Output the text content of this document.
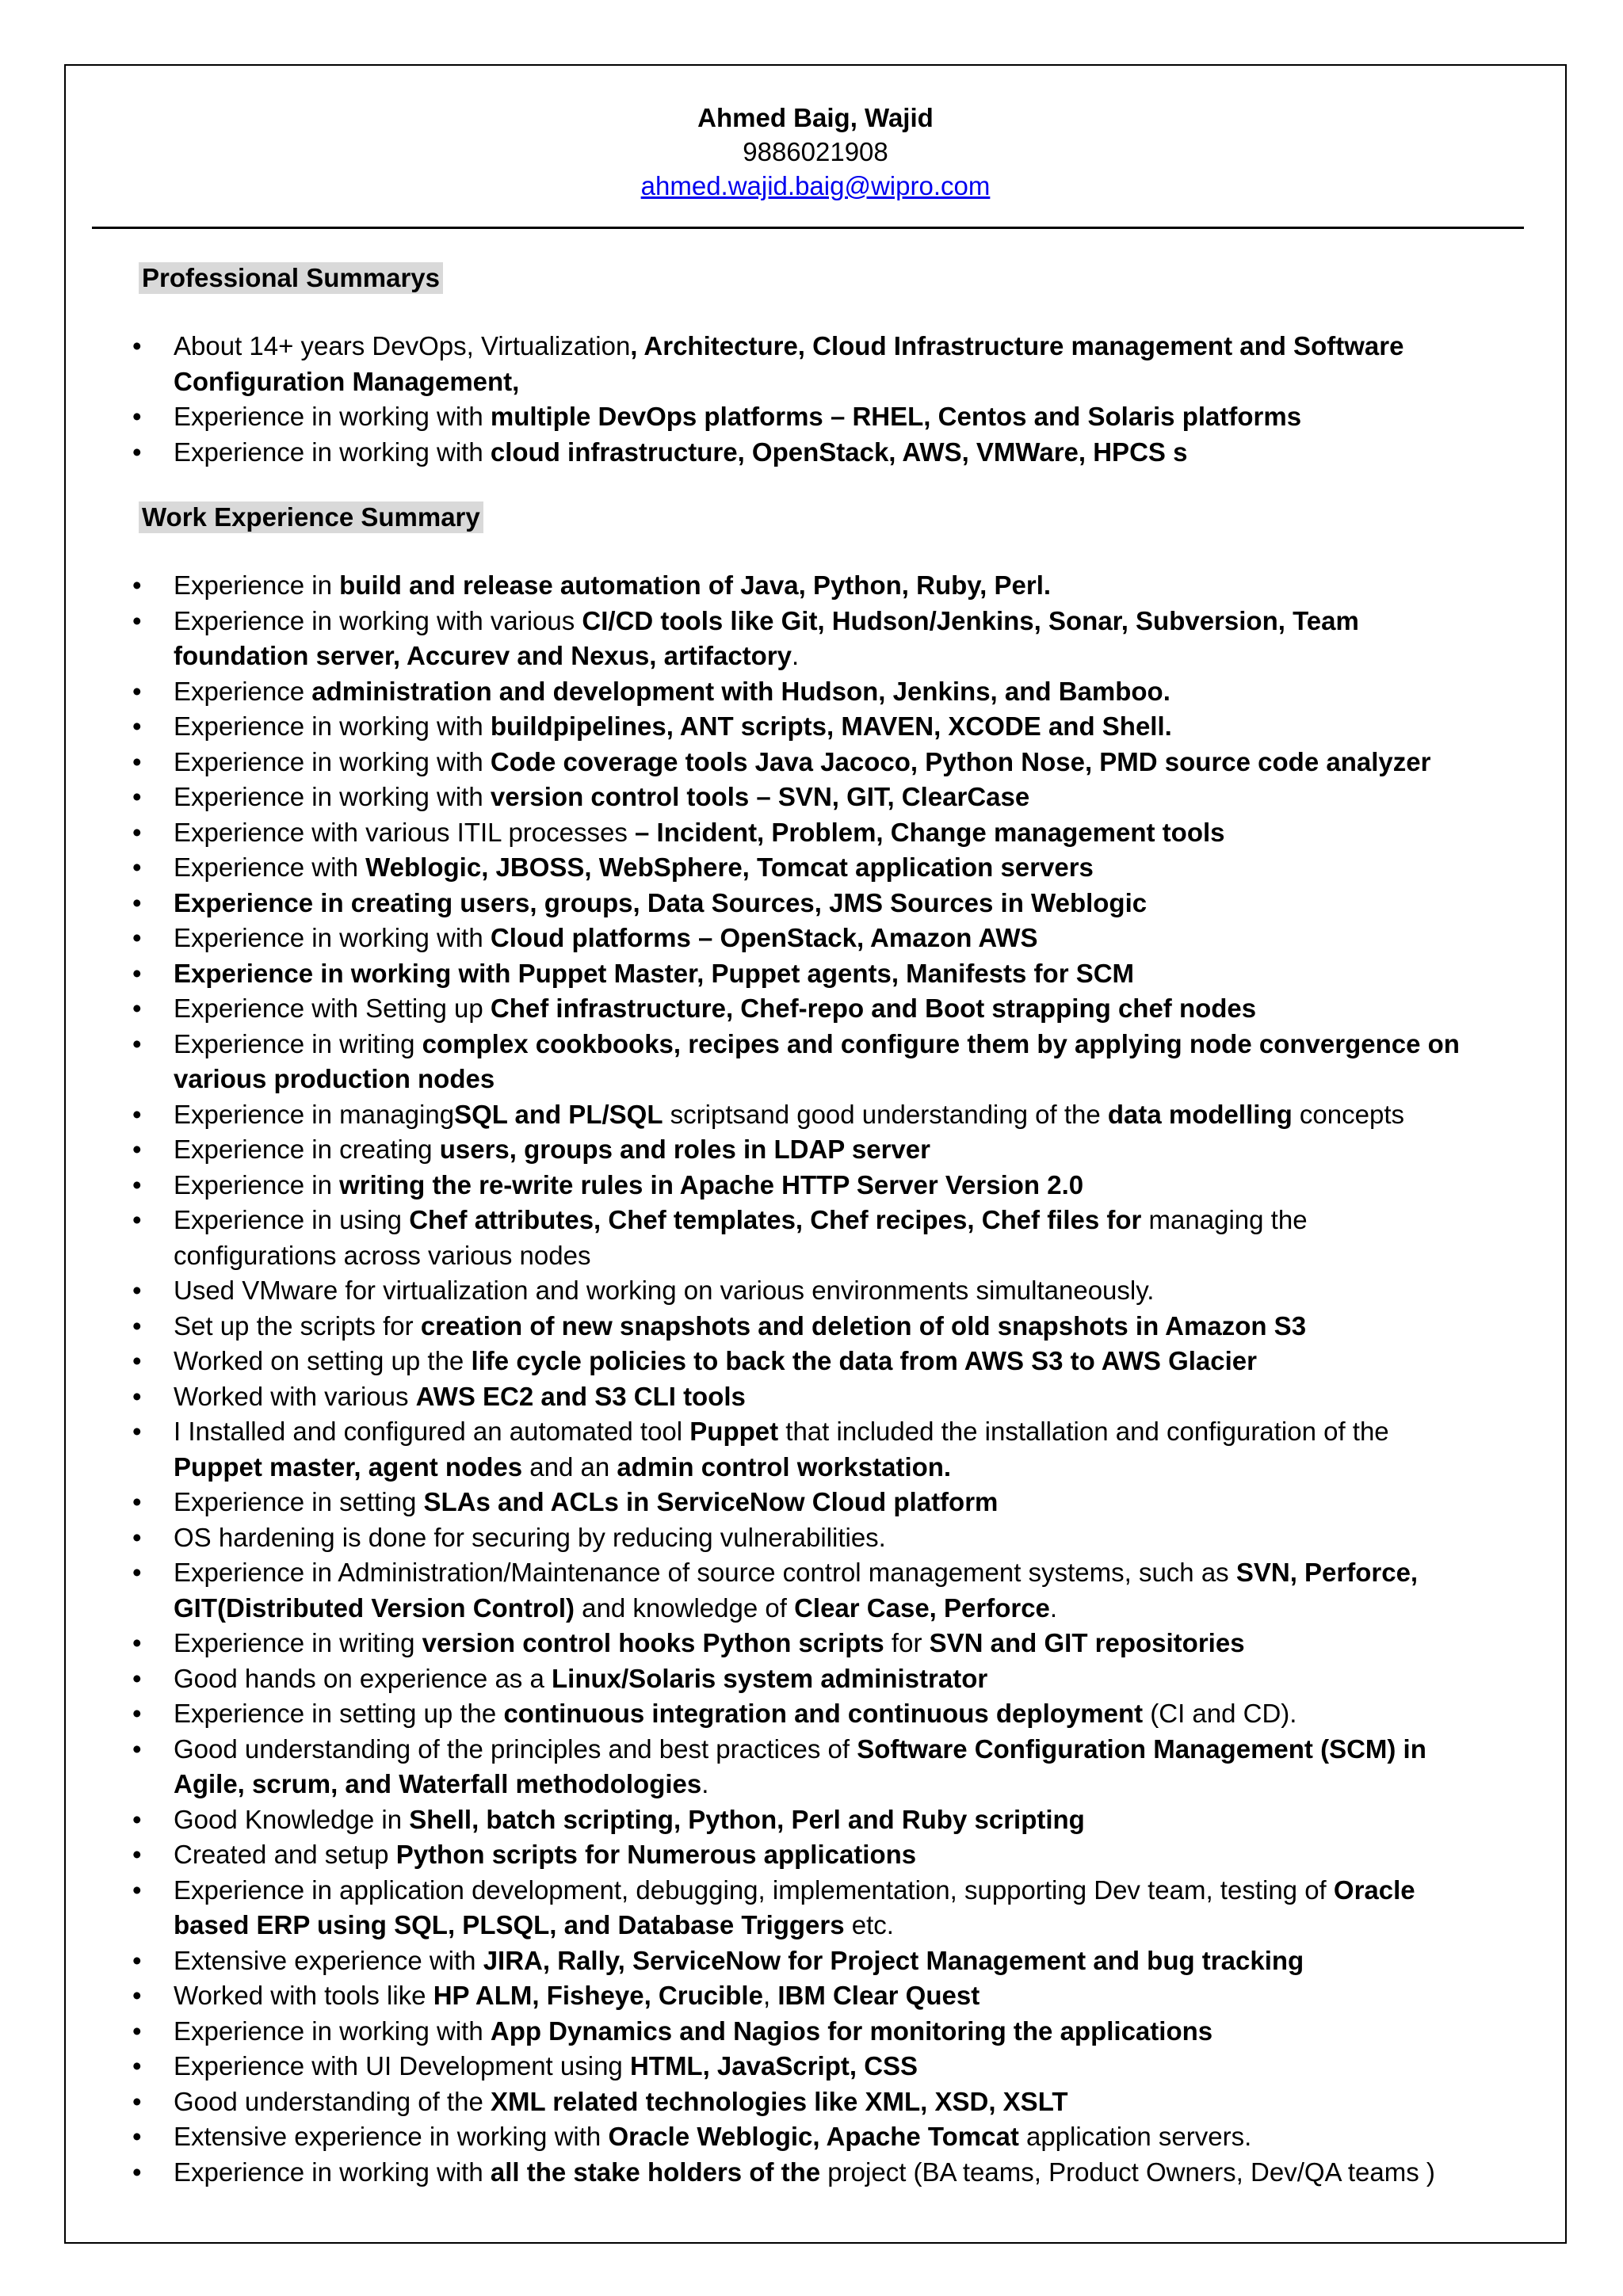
Ahmed Baig, Wajid
9886021908
ahmed.wajid.baig@wipro.com
Professional Summarys
• About 14+ years DevOps, Virtualization, Architecture, Cloud Infrastructure management and Software Configuration Management,
• Experience in working with multiple DevOps platforms – RHEL, Centos and Solaris platforms
• Experience in working with cloud infrastructure, OpenStack, AWS, VMWare, HPCS s
Work Experience Summary
• Experience in build and release automation of Java, Python, Ruby, Perl.
• Experience in working with various CI/CD tools like Git, Hudson/Jenkins, Sonar, Subversion, Team foundation server, Accurev and Nexus, artifactory.
• Experience administration and development with Hudson, Jenkins, and Bamboo.
• Experience in working with buildpipelines, ANT scripts, MAVEN, XCODE and Shell.
• Experience in working with Code coverage tools Java Jacoco, Python Nose, PMD source code analyzer
• Experience in working with version control tools – SVN, GIT, ClearCase
• Experience with various ITIL processes – Incident, Problem, Change management tools
• Experience with Weblogic, JBOSS, WebSphere, Tomcat application servers
• Experience in creating users, groups, Data Sources, JMS Sources in Weblogic
• Experience in working with Cloud platforms – OpenStack, Amazon AWS
• Experience in working with Puppet Master, Puppet agents, Manifests for SCM
• Experience with Setting up Chef infrastructure, Chef-repo and Boot strapping chef nodes
• Experience in writing complex cookbooks, recipes and configure them by applying node convergence on various production nodes
• Experience in managingSQL and PL/SQL scriptsand good understanding of the data modelling concepts
• Experience in creating users, groups and roles in LDAP server
• Experience in writing the re-write rules in Apache HTTP Server Version 2.0
• Experience in using Chef attributes, Chef templates, Chef recipes, Chef files for managing the configurations across various nodes
• Used VMware for virtualization and working on various environments simultaneously.
• Set up the scripts for creation of new snapshots and deletion of old snapshots in Amazon S3
• Worked on setting up the life cycle policies to back the data from AWS S3 to AWS Glacier
• Worked with various AWS EC2 and S3 CLI tools
• I Installed and configured an automated tool Puppet that included the installation and configuration of the Puppet master, agent nodes and an admin control workstation.
• Experience in setting SLAs and ACLs in ServiceNow Cloud platform
• OS hardening is done for securing by reducing vulnerabilities.
• Experience in Administration/Maintenance of source control management systems, such as SVN, Perforce, GIT(Distributed Version Control) and knowledge of Clear Case, Perforce.
• Experience in writing version control hooks Python scripts for SVN and GIT repositories
• Good hands on experience as a Linux/Solaris system administrator
• Experience in setting up the continuous integration and continuous deployment (CI and CD).
• Good understanding of the principles and best practices of Software Configuration Management (SCM) in Agile, scrum, and Waterfall methodologies.
• Good Knowledge in Shell, batch scripting, Python, Perl and Ruby scripting
• Created and setup Python scripts for Numerous applications
• Experience in application development, debugging, implementation, supporting Dev team, testing of Oracle based ERP using SQL, PLSQL, and Database Triggers etc.
• Extensive experience with JIRA, Rally, ServiceNow for Project Management and bug tracking
• Worked with tools like HP ALM, Fisheye, Crucible, IBM Clear Quest
• Experience in working with App Dynamics and Nagios for monitoring the applications
• Experience with UI Development using HTML, JavaScript, CSS
• Good understanding of the XML related technologies like XML, XSD, XSLT
• Extensive experience in working with Oracle Weblogic, Apache Tomcat application servers.
• Experience in working with all the stake holders of the project (BA teams, Product Owners, Dev/QA teams )
